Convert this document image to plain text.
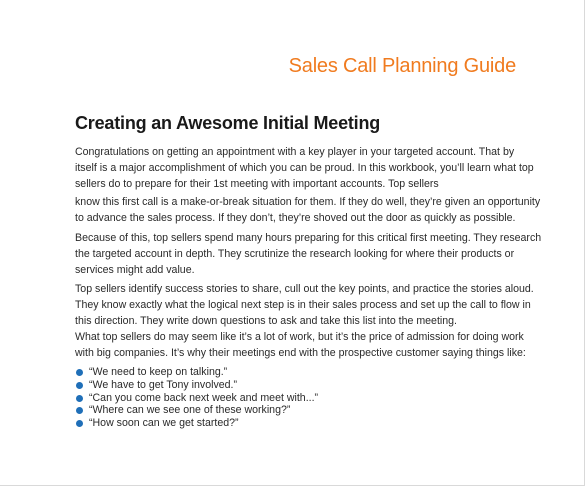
Sales Call Planning Guide
Creating an Awesome Initial Meeting

Congratulations on getting an appointment with a key player in your targeted account. That by
itself is a major accomplishment of which you can be proud. In this workbook, you’ll learn what top
sellers do to prepare for their 1st meeting with important accounts. Top sellers

know this first call is a make-or-break situation for them. If they do well, they’re given an opportunity
to advance the sales process. If they don’t, they’re shoved out the door as quickly as possible.

Because of this, top sellers spend many hours preparing for this critical first meeting. They research
the targeted account in depth. They scrutinize the research looking for where their products or
services might add value.

Top sellers identify success stories to share, cull out the key points, and practice the stories aloud.
They know exactly what the logical next step is in their sales process and set up the call to flow in
this direction. They write down questions to ask and take this list into the meeting.

What top sellers do may seem like it’s a lot of work, but it’s the price of admission for doing work
with big companies. It’s why their meetings end with the prospective customer saying things like:

“We need to keep on talking.”
“We have to get Tony involved.”
“Can you come back next week and meet with...”
“Where can we see one of these working?”
“How soon can we get started?”
